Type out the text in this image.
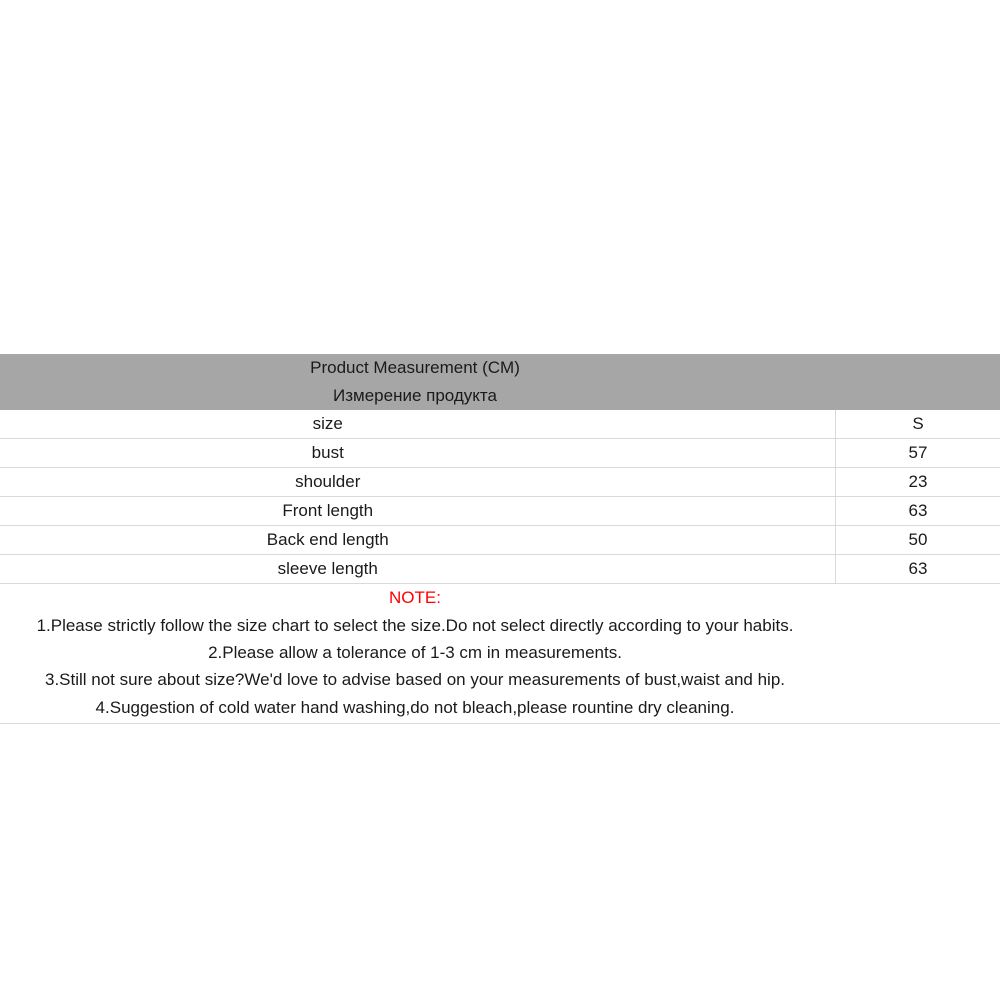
Product Measurement (CM)
Измерение продукта
size	S
bust	57
shoulder	23
Front length	63
Back end length	50
sleeve length	63
NOTE:
1.Please strictly follow the size chart to select the size.Do not select directly according to your habits.
2.Please allow a tolerance of 1-3 cm in measurements.
3.Still not sure about size?We'd love to advise based on your measurements of bust,waist and hip.
4.Suggestion of cold water hand washing,do not bleach,please rountine dry cleaning.
